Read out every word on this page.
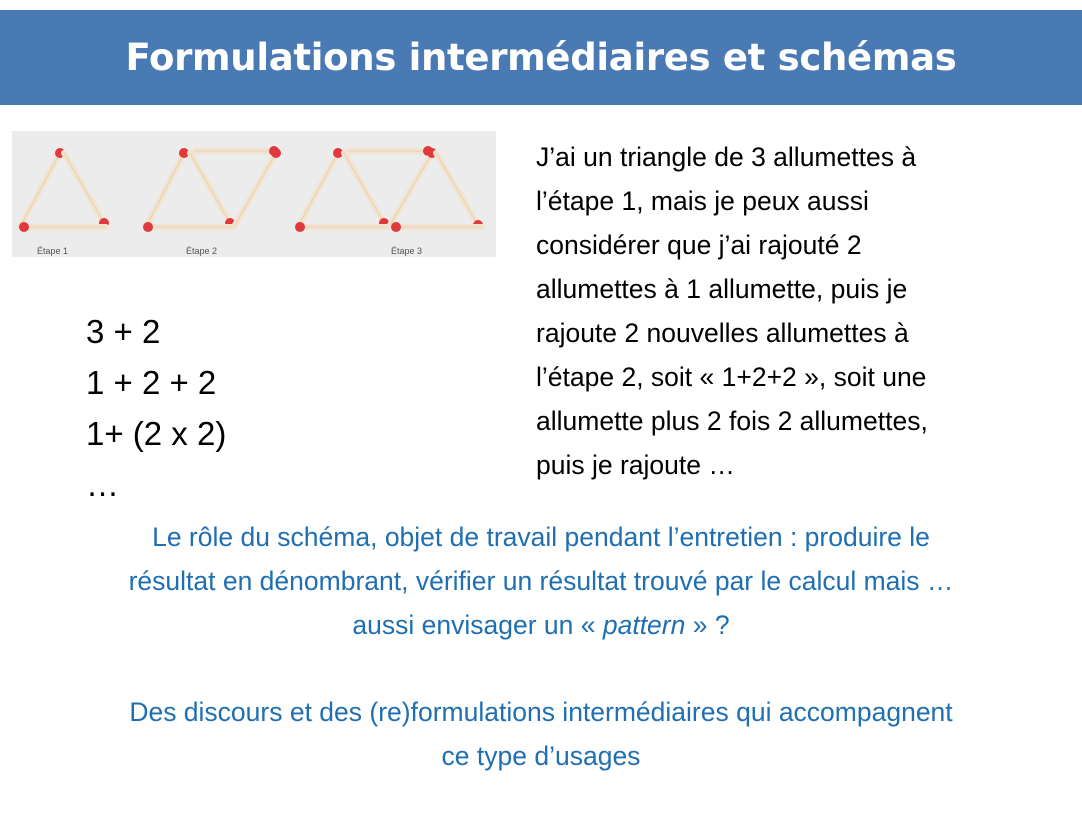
Formulations intermédiaires et schémas
Étape 1	Étape 2	Étape 3
3 + 2
1 + 2 + 2
1+ (2 x 2)
…
J’ai un triangle de 3 allumettes à
l’étape 1, mais je peux aussi
considérer que j’ai rajouté 2
allumettes à 1 allumette, puis je
rajoute 2 nouvelles allumettes à
l’étape 2, soit « 1+2+2 », soit une
allumette plus 2 fois 2 allumettes,
puis je rajoute …
Le rôle du schéma, objet de travail pendant l’entretien : produire le
résultat en dénombrant, vérifier un résultat trouvé par le calcul mais …
aussi envisager un « pattern » ?
Des discours et des (re)formulations intermédiaires qui accompagnent
ce type d’usages
